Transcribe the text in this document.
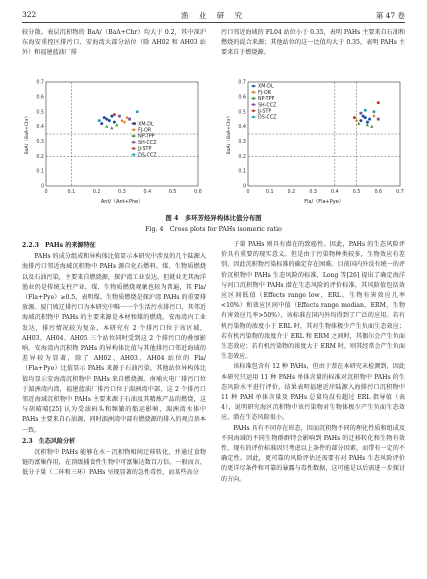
322	渔 业 研 究	第 47 卷
较分散。表层沉积物的 BaA/（BaA+Chr）均大于 0.2，其中深沪东海安重控区排污口、安海湾大部分站位（除 AH02 和 AH03 站外）和福建蓝油厂排
污口邻近海域的 FL04 站位小于 0.35，表明 PAHs 主要来自石油和燃烧的混合来源；其他站位的这一比值均大于 0.35，表明 PAHs 主要来自于燃烧源。
0	0.1	0.2	0.3	0.4	0.5	0.6
0
0.1
0.2
0.3
0.4
0.5
0.6
0.7
Ant/（Ant+Phe）
BaA/（BaA+Chr）	XM-DL
FJ-OR
NP-TPP
SH-CCZ
JJ-STP
DS-CCZ
0	0.1	0.2	0.3	0.4	0.5	0.6	0.7
0
0.1
0.2
0.3
0.4
0.5
0.6
0.7
Fla/（Fla+Pye）
BaA/（BaA+Chr）
XM-DL
FJ-OR
NP-TPP
SH-CCZ
JJ-STP
DS-CCZ
图 4　多环芳烃异构体比值分布图
Fig. 4　Cross plots for PAHs isomeric ratio
2.2.3　PAHs 的来源特征
PAHs 的成分组成和异构体比值显示本研究中涉及的几个陆源入海排污口邻近海域沉积物中 PAHs 源自化石燃料、煤、生物质燃烧以及石油污染，主要来自燃烧源，探沪湾工业发达，但就业无其海洋渔业仍是传统支柱产业，煤、生物质燃烧观象也较为普遍，其 Fla/（Fla+Pye）≥0.5，表明煤、生物质燃烧是探沪湾 PAHs 的重要排放源。厦门坡辽排污口为本研究中唯一一个生活污水排污口，其邻近海域沉积物中 PAHs 的主要来源是本材和煤的燃烧。安海湾内工业发达，排污情况较为复杂，本研究有 2 个排污口位于该区域，AH03、AH04、AH05 三个站位同时受到这 2 个排污口的叠加影响。安海湾内沉积物 PAHs 的异构体比值与其他排污口邻近海域的差异较为显著，除了 AH02、AH03、AH04 站位的 Fla/（Fla+Pye）比值显示 PAHs 来源于石油污染，其他站位异构体比值均显示安海湾沉积物中 PAHs 来自燃烧源。南埔火电厂排污口位于湄洲湾内湾，福建蓝油厂排污口位于湄洲湾中部，这 2 个排污口邻近海域沉积物中 PAHs 主要来源于石油及其精炼产品的燃烧，这与胡晴晴[25] 认为受油码头和频繁的船运影响，湄洲湾水体中 PAHs 主要来自石油源，同时湄洲湾中部有燃烧源的排入的观点基本一致。
2.3　生态风险分析
沉积物中 PAHs 能够在水－沉积物相间迁移转化，并通过食物链的富集作用，在顶级捕食性生物中可富集达数百万倍。一般而言，低分子量（二环和三环）PAHs 呈现显著的急性毒性，而某些高分
子量 PAHs 则具有潜在的致癌性。因此，PAHs 的生态风险评价具有重要的现实意义。但是由于污染物种类较多，生物效应有差别，因此沉积物污染标准的确定存在困难。目前国内外没有统一的评价沉积物中 PAHs 生态风险的标准，Long 等[26] 提出了确定海洋与河口沉积物中 PAHs 潜在生态风险的评价标准，其风险值包括效应区间低值（Effects range low，ERL，生物有害效应几率<10%）和效应区间中值（Effects range median，ERM，生物有害效应几率>50%），该标准在国内外均得到了广泛的应用。若有机污染物的浓度小于 ERL 时，其对生物体极少产生负面生态效应；若有机污染物的浓度介于 ERL 和 ERM 之间时，其偶尔会产生负面生态效应；若有机污染物的浓度大于 ERM 时，则其经常会产生负面生态效应。
该标准包含有 12 种 PAHs，但由于萘在本研究未检测到，因此本研究只运用 11 种 PAHs 单体含量的标准对沉积物中 PAHs 的生态风险水平进行评价，结果表明福建近岸陆源入海排污口沉积物中 11 种 PAH 单体含量及 PAHs 总量均没有超过 ERL 指导值（表 4），说明研究海区沉积物中该污染物对生物体极少产生负面生态效应，潜在生态风险很小。
PAHs 具有不同存在形态，因而沉积物不同的理化性质和组成及不同海域的不同生物群群特会影响到 PAHs 的迁移转化和生物有效性，现有的评价标准因只考虑以上条件的部分因素，而带有一定的不确定性。因此，更可靠的风险评估还需要有对 PAHs 生态风险评价的更详尽条件和可靠的暴露与毒性数据，这可能是以后需进一步探讨的方向。
